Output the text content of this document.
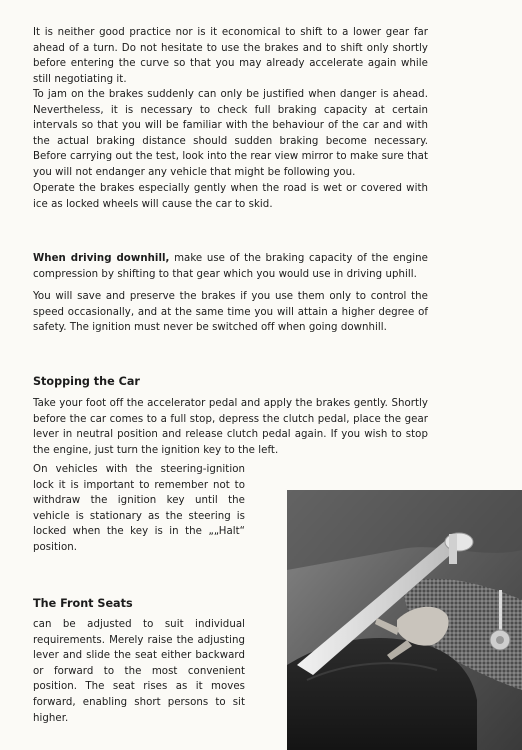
It is neither good practice nor is it economical to shift to a lower gear far ahead of a turn. Do not hesitate to use the brakes and to shift only shortly before entering the curve so that you may already accelerate again while still negotiating it.

To jam on the brakes suddenly can only be justified when danger is ahead. Nevertheless, it is necessary to check full braking capacity at certain intervals so that you will be familiar with the behaviour of the car and with the actual braking distance should sudden braking become necessary. Before carrying out the test, look into the rear view mirror to make sure that you will not endanger any vehicle that might be following you.

Operate the brakes especially gently when the road is wet or covered with ice as locked wheels will cause the car to skid.

When driving downhill, make use of the braking capacity of the engine compression by shifting to that gear which you would use in driving uphill.

You will save and preserve the brakes if you use them only to control the speed occasionally, and at the same time you will attain a higher degree of safety. The ignition must never be switched off when going downhill.

Stopping the Car

Take your foot off the accelerator pedal and apply the brakes gently. Shortly before the car comes to a full stop, depress the clutch pedal, place the gear lever in neutral position and release clutch pedal again. If you wish to stop the engine, just turn the ignition key to the left.

On vehicles with the steering-ignition lock it is important to remember not to withdraw the ignition key until the vehicle is stationary as the steering is locked when the key is in the „„Halt“ position.

The Front Seats

can be adjusted to suit individual requirements. Merely raise the adjusting lever and slide the seat either backward or forward to the most convenient position. The seat rises as it moves forward, enabling short persons to sit higher.
